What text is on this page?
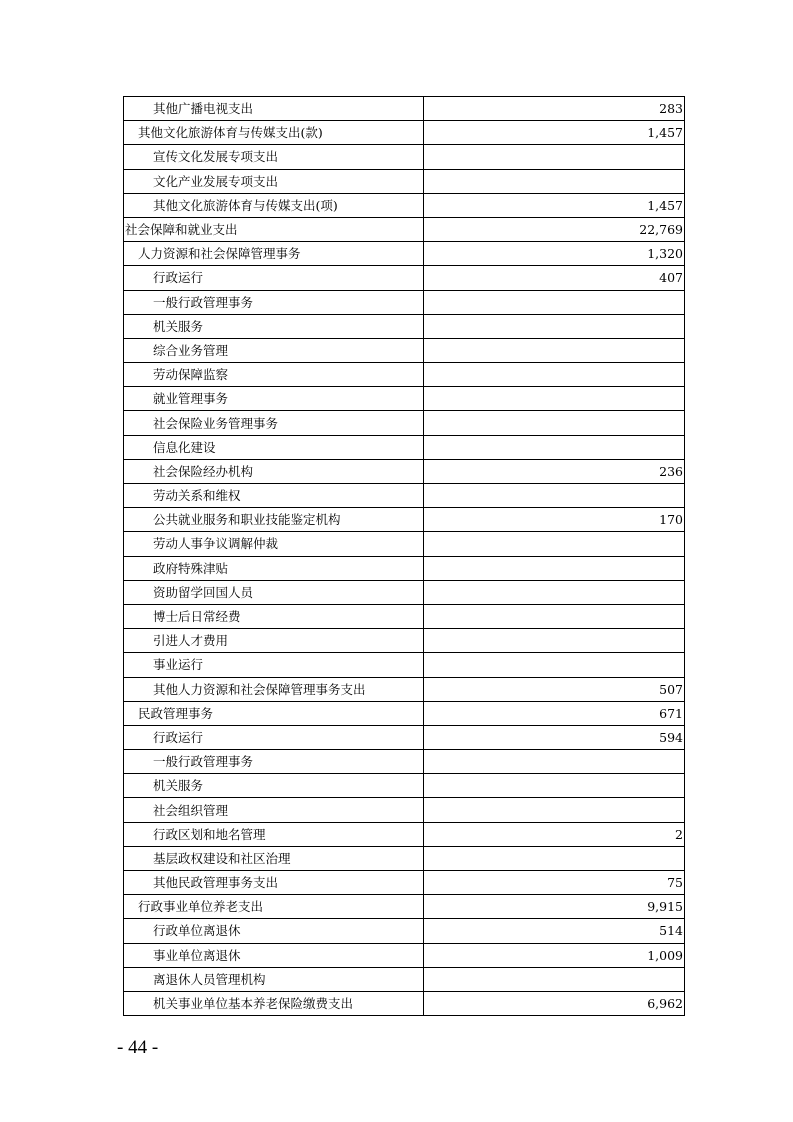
其他广播电视支出	283
其他文化旅游体育与传媒支出(款)	1,457
宣传文化发展专项支出	
文化产业发展专项支出	
其他文化旅游体育与传媒支出(项)	1,457
社会保障和就业支出	22,769
人力资源和社会保障管理事务	1,320
行政运行	407
一般行政管理事务	
机关服务	
综合业务管理	
劳动保障监察	
就业管理事务	
社会保险业务管理事务	
信息化建设	
社会保险经办机构	236
劳动关系和维权	
公共就业服务和职业技能鉴定机构	170
劳动人事争议调解仲裁	
政府特殊津贴	
资助留学回国人员	
博士后日常经费	
引进人才费用	
事业运行	
其他人力资源和社会保障管理事务支出	507
民政管理事务	671
行政运行	594
一般行政管理事务	
机关服务	
社会组织管理	
行政区划和地名管理	2
基层政权建设和社区治理	
其他民政管理事务支出	75
行政事业单位养老支出	9,915
行政单位离退休	514
事业单位离退休	1,009
离退休人员管理机构	
机关事业单位基本养老保险缴费支出	6,962
- 44 -
